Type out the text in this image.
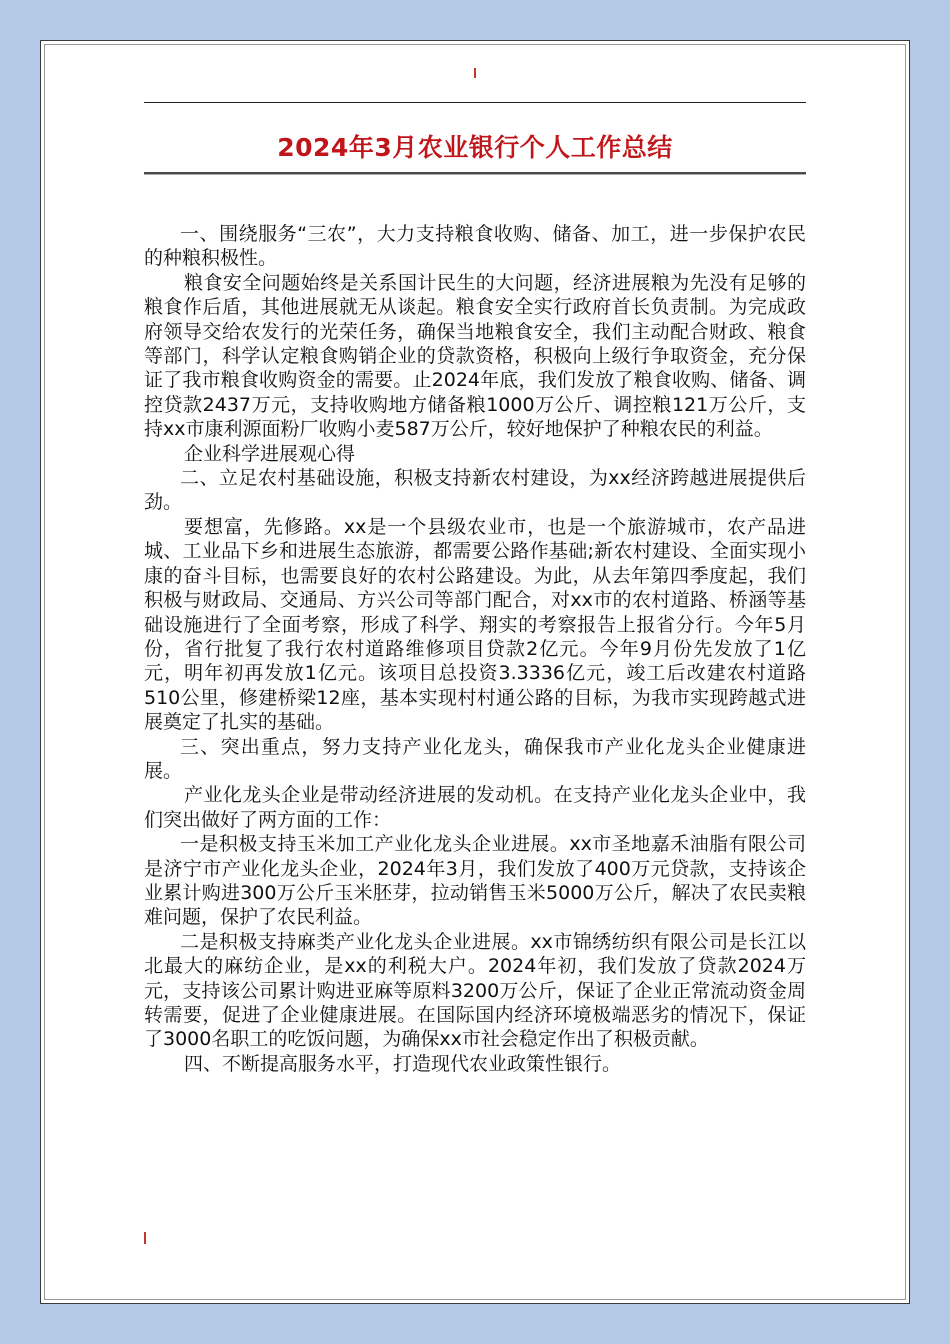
2024年3月农业银行个人工作总结

一、围绕服务“三农”，大力支持粮食收购、储备、加工，进一步保护农民的种粮积极性。

粮食安全问题始终是关系国计民生的大问题，经济进展粮为先没有足够的粮食作后盾，其他进展就无从谈起。粮食安全实行政府首长负责制。为完成政府领导交给农发行的光荣任务，确保当地粮食安全，我们主动配合财政、粮食等部门，科学认定粮食购销企业的贷款资格，积极向上级行争取资金，充分保证了我市粮食收购资金的需要。止2024年底，我们发放了粮食收购、储备、调控贷款2437万元，支持收购地方储备粮1000万公斤、调控粮121万公斤，支持xx市康利源面粉厂收购小麦587万公斤，较好地保护了种粮农民的利益。

企业科学进展观心得

二、立足农村基础设施，积极支持新农村建设，为xx经济跨越进展提供后劲。

要想富，先修路。xx是一个县级农业市，也是一个旅游城市，农产品进城、工业品下乡和进展生态旅游，都需要公路作基础;新农村建设、全面实现小康的奋斗目标，也需要良好的农村公路建设。为此，从去年第四季度起，我们积极与财政局、交通局、方兴公司等部门配合，对xx市的农村道路、桥涵等基础设施进行了全面考察，形成了科学、翔实的考察报告上报省分行。今年5月份，省行批复了我行农村道路维修项目贷款2亿元。今年9月份先发放了1亿元，明年初再发放1亿元。该项目总投资3.3336亿元，竣工后改建农村道路510公里，修建桥梁12座，基本实现村村通公路的目标，为我市实现跨越式进展奠定了扎实的基础。

三、突出重点，努力支持产业化龙头，确保我市产业化龙头企业健康进展。

产业化龙头企业是带动经济进展的发动机。在支持产业化龙头企业中，我们突出做好了两方面的工作：

一是积极支持玉米加工产业化龙头企业进展。xx市圣地嘉禾油脂有限公司是济宁市产业化龙头企业，2024年3月，我们发放了400万元贷款，支持该企业累计购进300万公斤玉米胚芽，拉动销售玉米5000万公斤，解决了农民卖粮难问题，保护了农民利益。

二是积极支持麻类产业化龙头企业进展。xx市锦绣纺织有限公司是长江以北最大的麻纺企业，是xx的利税大户。2024年初，我们发放了贷款2024万元，支持该公司累计购进亚麻等原料3200万公斤，保证了企业正常流动资金周转需要，促进了企业健康进展。在国际国内经济环境极端恶劣的情况下，保证了3000名职工的吃饭问题，为确保xx市社会稳定作出了积极贡献。

四、不断提高服务水平，打造现代农业政策性银行。
